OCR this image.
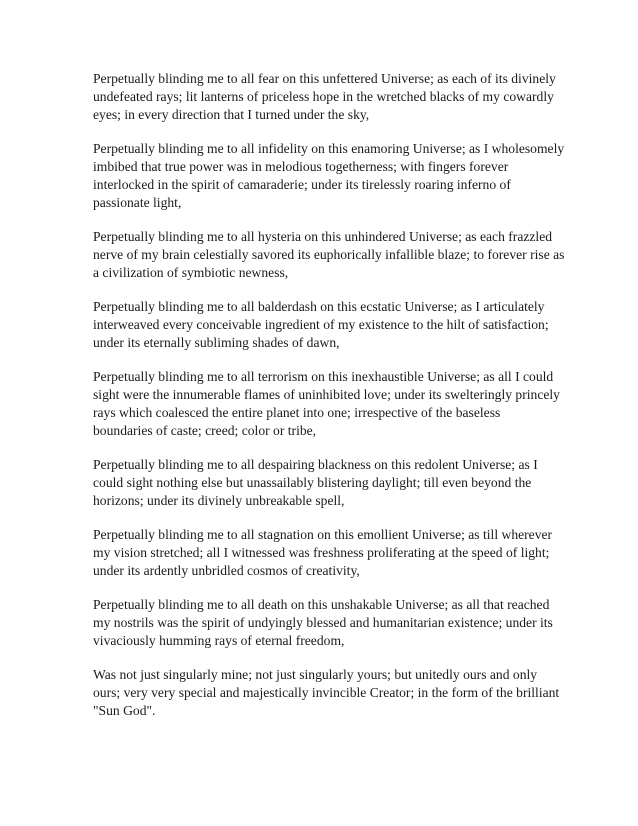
Perpetually blinding me to all fear on this unfettered Universe; as each of its divinely
undefeated rays; lit lanterns of priceless hope in the wretched blacks of my cowardly
eyes; in every direction that I turned under the sky,

Perpetually blinding me to all infidelity on this enamoring Universe; as I wholesomely
imbibed that true power was in melodious togetherness; with fingers forever
interlocked in the spirit of camaraderie; under its tirelessly roaring inferno of
passionate light,

Perpetually blinding me to all hysteria on this unhindered Universe; as each frazzled
nerve of my brain celestially savored its euphorically infallible blaze; to forever rise as
a civilization of symbiotic newness,

Perpetually blinding me to all balderdash on this ecstatic Universe; as I articulately
interweaved every conceivable ingredient of my existence to the hilt of satisfaction;
under its eternally subliming shades of dawn,

Perpetually blinding me to all terrorism on this inexhaustible Universe; as all I could
sight were the innumerable flames of uninhibited love; under its swelteringly princely
rays which coalesced the entire planet into one; irrespective of the baseless
boundaries of caste; creed; color or tribe,

Perpetually blinding me to all despairing blackness on this redolent Universe; as I
could sight nothing else but unassailably blistering daylight; till even beyond the
horizons; under its divinely unbreakable spell,

Perpetually blinding me to all stagnation on this emollient Universe; as till wherever
my vision stretched; all I witnessed was freshness proliferating at the speed of light;
under its ardently unbridled cosmos of creativity,

Perpetually blinding me to all death on this unshakable Universe; as all that reached
my nostrils was the spirit of undyingly blessed and humanitarian existence; under its
vivaciously humming rays of eternal freedom,

Was not just singularly mine; not just singularly yours; but unitedly ours and only
ours; very very special and majestically invincible Creator; in the form of the brilliant
"Sun God".
